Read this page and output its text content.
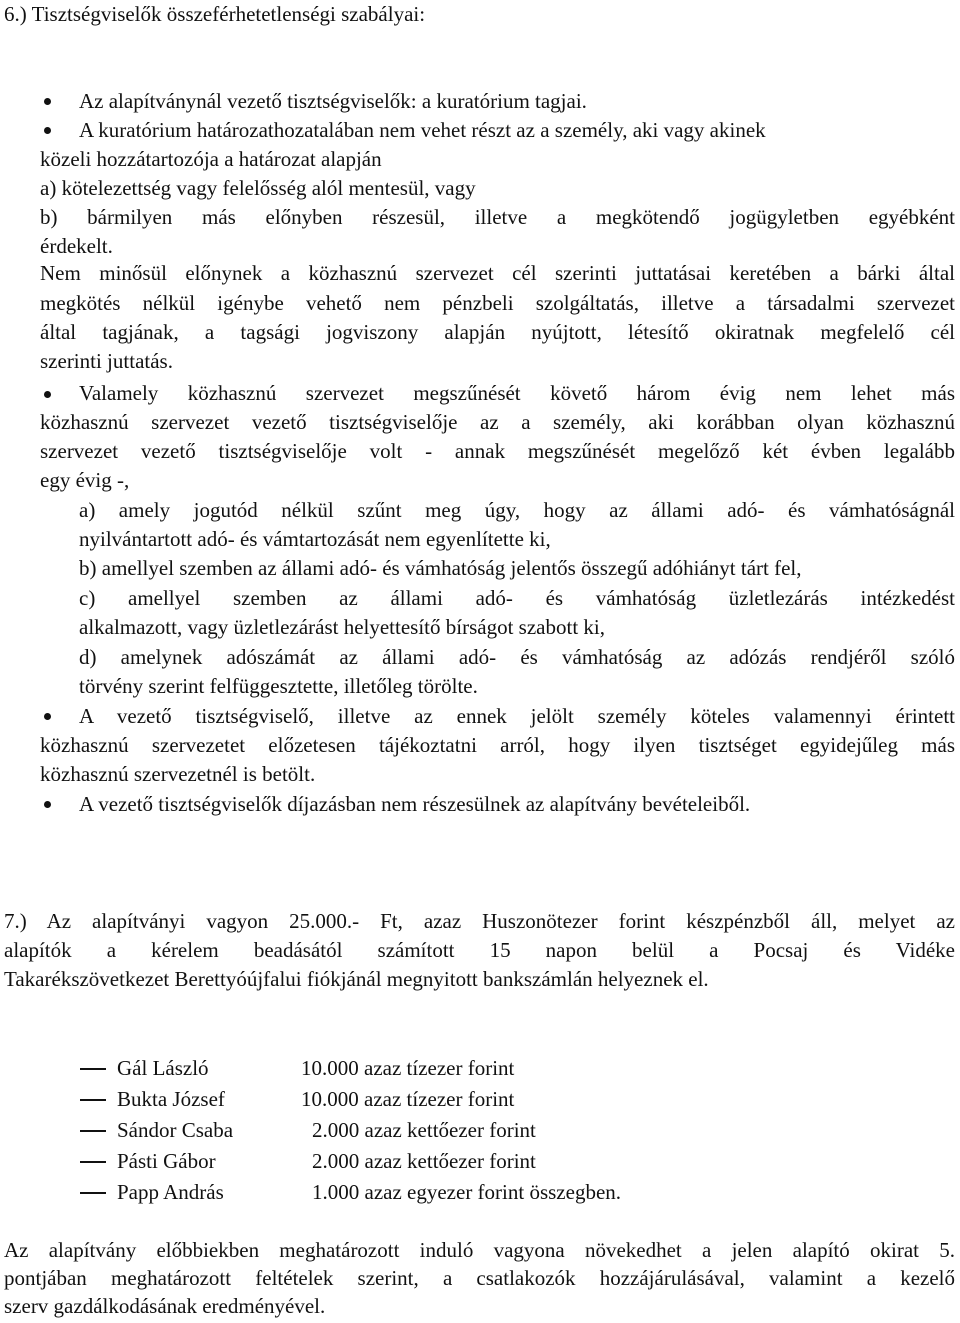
6.) Tisztségviselők összeférhetetlenségi szabályai:
Az alapítványnál vezető tisztségviselők: a kuratórium tagjai.
A kuratórium határozathozatalában nem vehet részt az a személy, aki vagy akinek
közeli hozzátartozója a határozat alapján
a) kötelezettség vagy felelősség alól mentesül, vagy
b) bármilyen más előnyben részesül, illetve a megkötendő jogügyletben egyébként
érdekelt.
Nem minősül előnynek a közhasznú szervezet cél szerinti juttatásai keretében a bárki által
megkötés nélkül igénybe vehető nem pénzbeli szolgáltatás, illetve a társadalmi szervezet
által tagjának, a tagsági jogviszony alapján nyújtott, létesítő okiratnak megfelelő cél
szerinti juttatás.
Valamely közhasznú szervezet megszűnését követő három évig nem lehet más
közhasznú szervezet vezető tisztségviselője az a személy, aki korábban olyan közhasznú
szervezet vezető tisztségviselője volt - annak megszűnését megelőző két évben legalább
egy évig -,
a) amely jogutód nélkül szűnt meg úgy, hogy az állami adó- és vámhatóságnál
nyilvántartott adó- és vámtartozását nem egyenlítette ki,
b) amellyel szemben az állami adó- és vámhatóság jelentős összegű adóhiányt tárt fel,
c) amellyel szemben az állami adó- és vámhatóság üzletlezárás intézkedést
alkalmazott, vagy üzletlezárást helyettesítő bírságot szabott ki,
d) amelynek adószámát az állami adó- és vámhatóság az adózás rendjéről szóló
törvény szerint felfüggesztette, illetőleg törölte.
A vezető tisztségviselő, illetve az ennek jelölt személy köteles valamennyi érintett
közhasznú szervezetet előzetesen tájékoztatni arról, hogy ilyen tisztséget egyidejűleg más
közhasznú szervezetnél is betölt.
A vezető tisztségviselők díjazásban nem részesülnek az alapítvány bevételeiből.
7.) Az alapítványi vagyon 25.000.- Ft, azaz Huszonötezer forint készpénzből áll, melyet az
alapítók a kérelem beadásától számított 15 napon belül a Pocsaj és Vidéke
Takarékszövetkezet Berettyóújfalui fiókjánál megnyitott bankszámlán helyeznek el.
Gál László	10.000 azaz tízezer forint
Bukta József	10.000 azaz tízezer forint
Sándor Csaba	2.000 azaz kettőezer forint
Pásti Gábor	2.000 azaz kettőezer forint
Papp András	1.000 azaz egyezer forint összegben.
Az alapítvány előbbiekben meghatározott induló vagyona növekedhet a jelen alapító okirat 5.
pontjában meghatározott feltételek szerint, a csatlakozók hozzájárulásával, valamint a kezelő
szerv gazdálkodásának eredményével.
